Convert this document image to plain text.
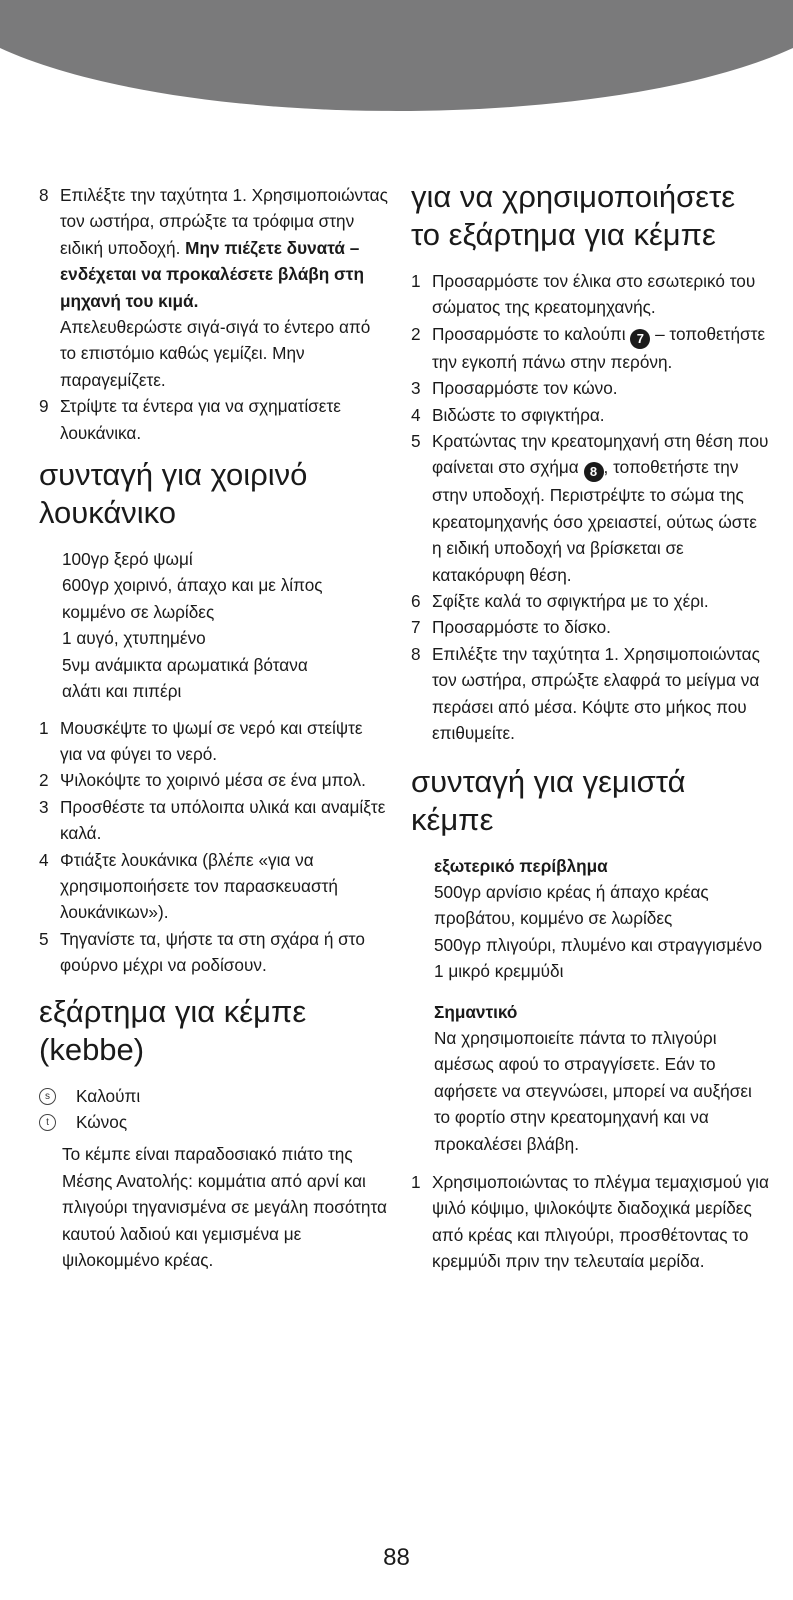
8 Επιλέξτε την ταχύτητα 1. Χρησιμοποιώντας τον ωστήρα, σπρώξτε τα τρόφιμα στην ειδική υποδοχή. Μην πιέζετε δυνατά – ενδέχεται να προκαλέσετε βλάβη στη μηχανή του κιμά.
Απελευθερώστε σιγά-σιγά το έντερο από το επιστόμιο καθώς γεμίζει. Μην παραγεμίζετε.
9 Στρίψτε τα έντερα για να σχηματίσετε λουκάνικα.
συνταγή για χοιρινό λουκάνικο
100γρ ξερό ψωμί
600γρ χοιρινό, άπαχο και με λίπος κομμένο σε λωρίδες
1 αυγό, χτυπημένο
5νμ ανάμικτα αρωματικά βότανα
αλάτι και πιπέρι
1 Μουσκέψτε το ψωμί σε νερό και στείψτε για να φύγει το νερό.
2 Ψιλοκόψτε το χοιρινό μέσα σε ένα μπολ.
3 Προσθέστε τα υπόλοιπα υλικά και αναμίξτε καλά.
4 Φτιάξτε λουκάνικα (βλέπε «για να χρησιμοποιήσετε τον παρασκευαστή λουκάνικων»).
5 Τηγανίστε τα, ψήστε τα στη σχάρα ή στο φούρνο μέχρι να ροδίσουν.
εξάρτημα για κέμπε (kebbe)
s	Καλούπι
t	Κώνος
Το κέμπε είναι παραδοσιακό πιάτο της Μέσης Ανατολής: κομμάτια από αρνί και πλιγούρι τηγανισμένα σε μεγάλη ποσότητα καυτού λαδιού και γεμισμένα με ψιλοκομμένο κρέας.
για να χρησιμοποιήσετε το εξάρτημα για κέμπε
1 Προσαρμόστε τον έλικα στο εσωτερικό του σώματος της κρεατομηχανής.
2 Προσαρμόστε το καλούπι 7 – τοποθετήστε την εγκοπή πάνω στην περόνη.
3 Προσαρμόστε τον κώνο.
4 Βιδώστε το σφιγκτήρα.
5 Κρατώντας την κρεατομηχανή στη θέση που φαίνεται στο σχήμα 8 , τοποθετήστε την στην υποδοχή. Περιστρέψτε το σώμα της κρεατομηχανής όσο χρειαστεί, ούτως ώστε η ειδική υποδοχή να βρίσκεται σε κατακόρυφη θέση.
6 Σφίξτε καλά το σφιγκτήρα με το χέρι.
7 Προσαρμόστε το δίσκο.
8 Επιλέξτε την ταχύτητα 1. Χρησιμοποιώντας τον ωστήρα, σπρώξτε ελαφρά το μείγμα να περάσει από μέσα. Κόψτε στο μήκος που επιθυμείτε.
συνταγή για γεμιστά κέμπε
εξωτερικό περίβλημα
500γρ αρνίσιο κρέας ή άπαχο κρέας προβάτου, κομμένο σε λωρίδες
500γρ πλιγούρι, πλυμένο και στραγγισμένο
1 μικρό κρεμμύδι
Σημαντικό
Να χρησιμοποιείτε πάντα το πλιγούρι αμέσως αφού το στραγγίσετε. Εάν το αφήσετε να στεγνώσει, μπορεί να αυξήσει το φορτίο στην κρεατομηχανή και να προκαλέσει βλάβη.
1 Χρησιμοποιώντας το πλέγμα τεμαχισμού για ψιλό κόψιμο, ψιλοκόψτε διαδοχικά μερίδες από κρέας και πλιγούρι, προσθέτοντας το κρεμμύδι πριν την τελευταία μερίδα.
88
